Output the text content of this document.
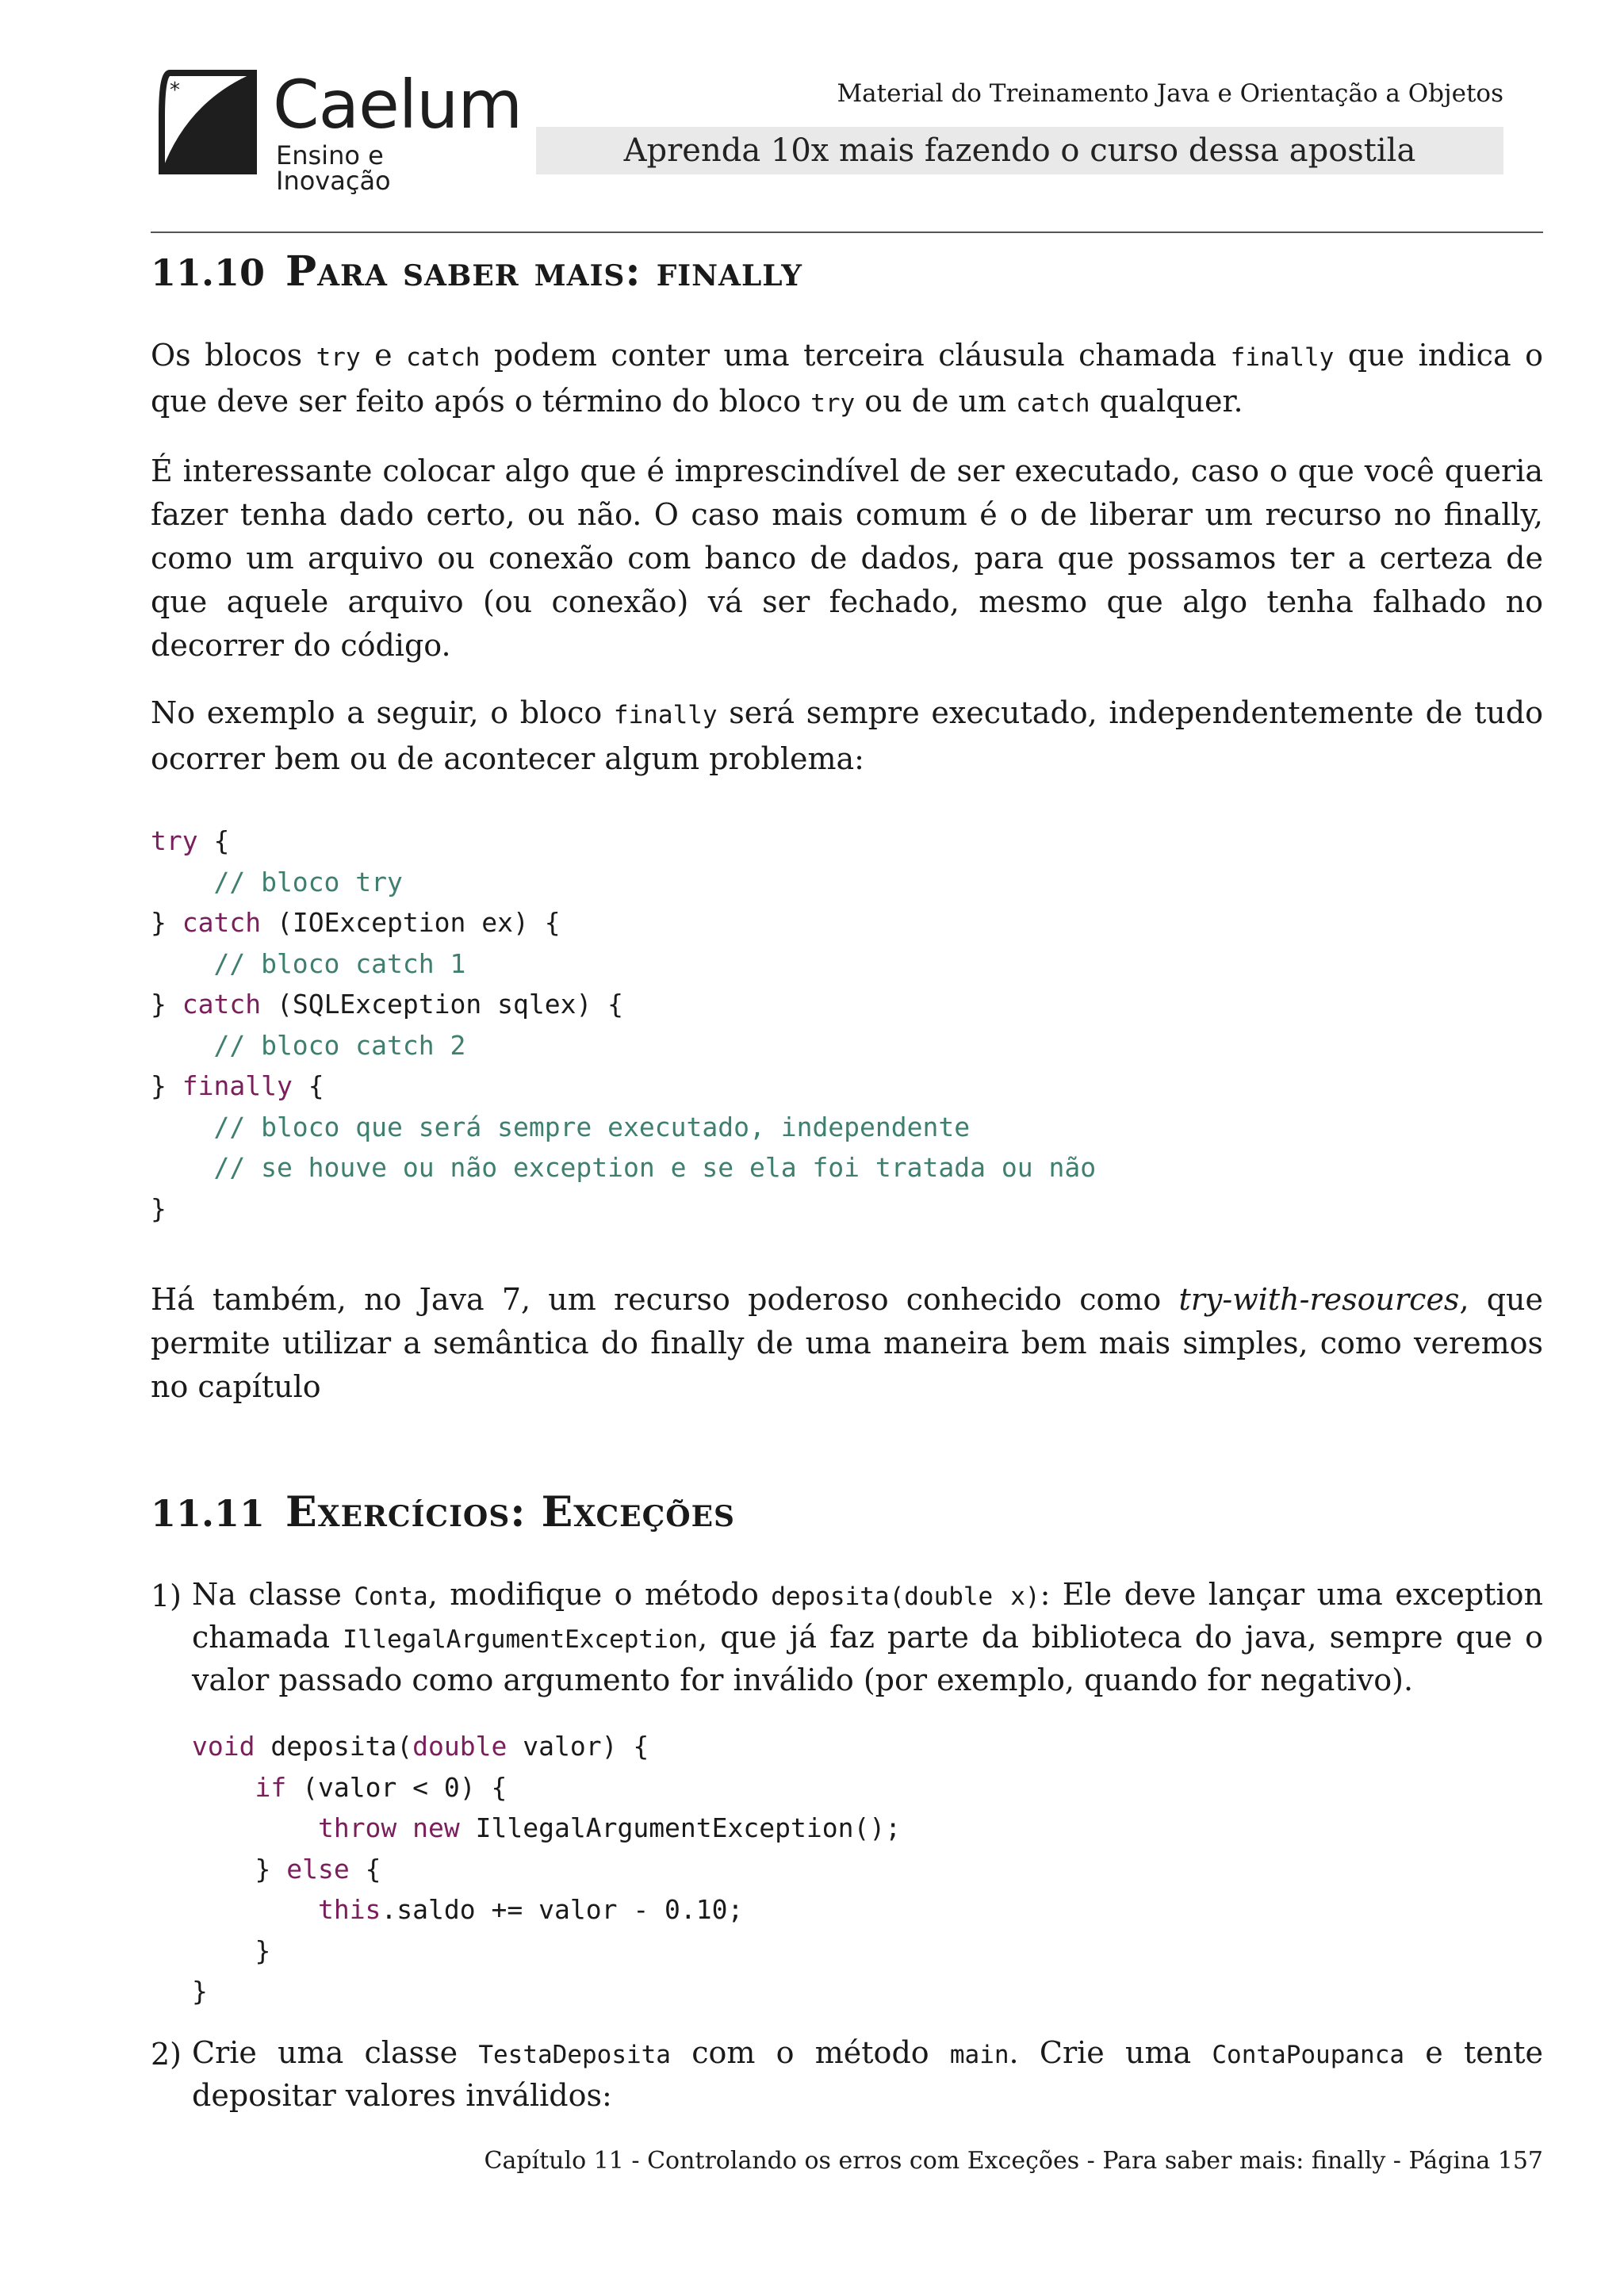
* Caelum
Ensino e Inovação
Material do Treinamento Java e Orientação a Objetos
Aprenda 10x mais fazendo o curso dessa apostila
11.10 Para saber mais: finally

Os blocos try e catch podem conter uma terceira cláusula chamada finally que indica o que deve ser feito após o término do bloco try ou de um catch qualquer.

É interessante colocar algo que é imprescindível de ser executado, caso o que você queria fazer tenha dado certo, ou não. O caso mais comum é o de liberar um recurso no finally, como um arquivo ou conexão com banco de dados, para que possamos ter a certeza de que aquele arquivo (ou conexão) vá ser fechado, mesmo que algo tenha falhado no decorrer do código.

No exemplo a seguir, o bloco finally será sempre executado, independentemente de tudo ocorrer bem ou de acontecer algum problema:

try {
// bloco try
} catch (IOException ex) {
// bloco catch 1
} catch (SQLException sqlex) {
// bloco catch 2
} finally {
// bloco que será sempre executado, independente
// se houve ou não exception e se ela foi tratada ou não
}

Há também, no Java 7, um recurso poderoso conhecido como try-with-resources, que permite utilizar a semântica do finally de uma maneira bem mais simples, como veremos no capítulo

11.11 Exercícios: Exceções
1) Na classe Conta, modifique o método deposita(double x): Ele deve lançar uma exception chamada IllegalArgumentException, que já faz parte da biblioteca do java, sempre que o valor passado como argumento for inválido (por exemplo, quando for negativo).

void deposita(double valor) {
if (valor < 0) {
throw new IllegalArgumentException();
} else {
this.saldo += valor - 0.10;
}
}
2) Crie uma classe TestaDeposita com o método main. Crie uma ContaPoupanca e tente depositar valores inválidos:

Capítulo 11 - Controlando os erros com Exceções - Para saber mais: finally - Página 157
